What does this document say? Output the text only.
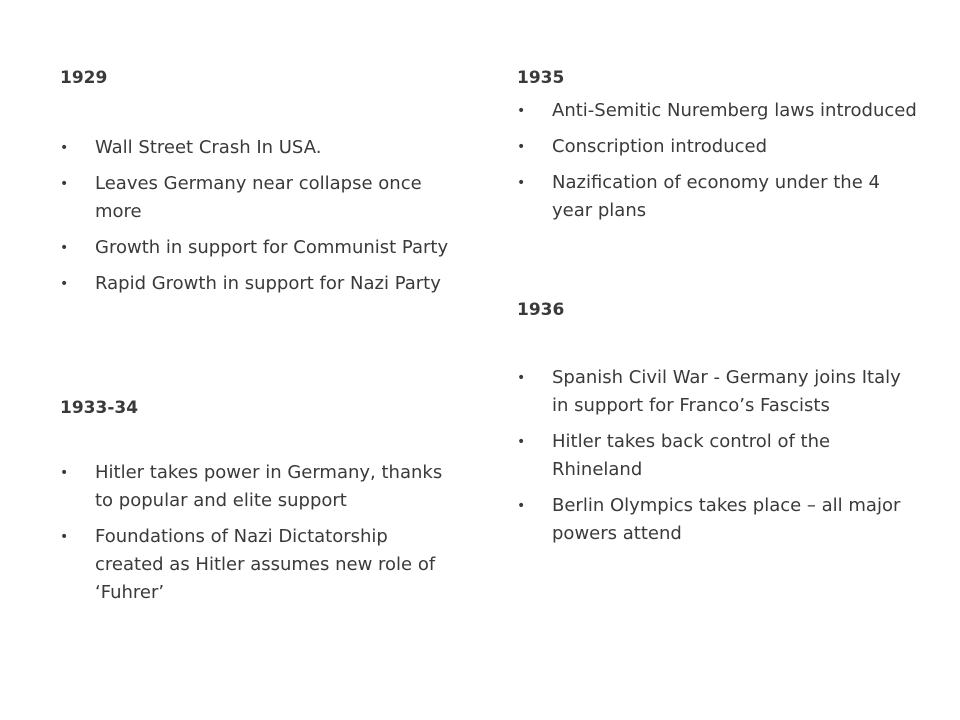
1929
• Wall Street Crash In USA.
• Leaves Germany near collapse once more
• Growth in support for Communist Party
• Rapid Growth in support for Nazi Party
1933-34
• Hitler takes power in Germany, thanks to popular and elite support
• Foundations of Nazi Dictatorship created as Hitler assumes new role of ‘Fuhrer’
1935
• Anti-Semitic Nuremberg laws introduced
• Conscription introduced
• Nazification of economy under the 4 year plans
1936
• Spanish Civil War - Germany joins Italy in support for Franco’s Fascists
• Hitler takes back control of the Rhineland
• Berlin Olympics takes place – all major powers attend
